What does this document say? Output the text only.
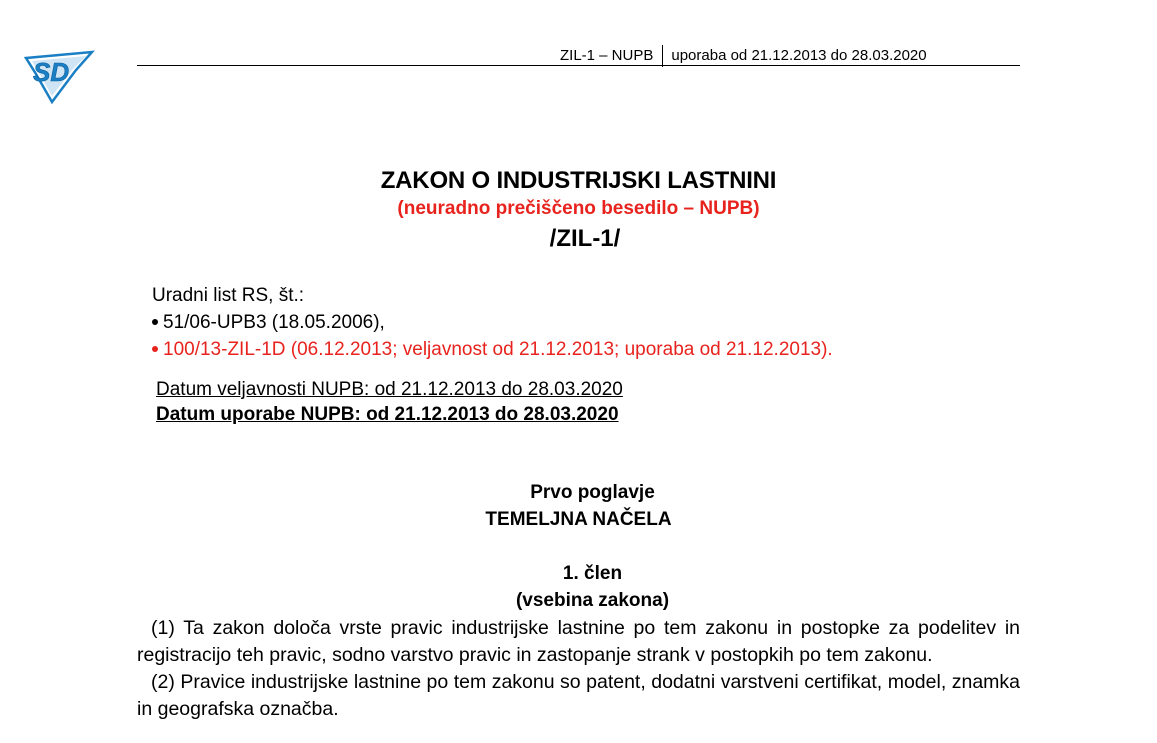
SD
ZIL-1 – NUPB uporaba od 21.12.2013 do 28.03.2020
ZAKON O INDUSTRIJSKI LASTNINI
(neuradno prečiščeno besedilo – NUPB)
/ZIL-1/
Uradni list RS, št.:
51/06-UPB3 (18.05.2006),
100/13-ZIL-1D (06.12.2013; veljavnost od 21.12.2013; uporaba od 21.12.2013).
Datum veljavnosti NUPB: od 21.12.2013 do 28.03.2020
Datum uporabe NUPB: od 21.12.2013 do 28.03.2020
Prvo poglavje
TEMELJNA NAČELA
1. člen
(vsebina zakona)

(1) Ta zakon določa vrste pravic industrijske lastnine po tem zakonu in postopke za podelitev in registracijo teh pravic, sodno varstvo pravic in zastopanje strank v postopkih po tem zakonu.

(2) Pravice industrijske lastnine po tem zakonu so patent, dodatni varstveni certifikat, model, znamka in geografska označba.
